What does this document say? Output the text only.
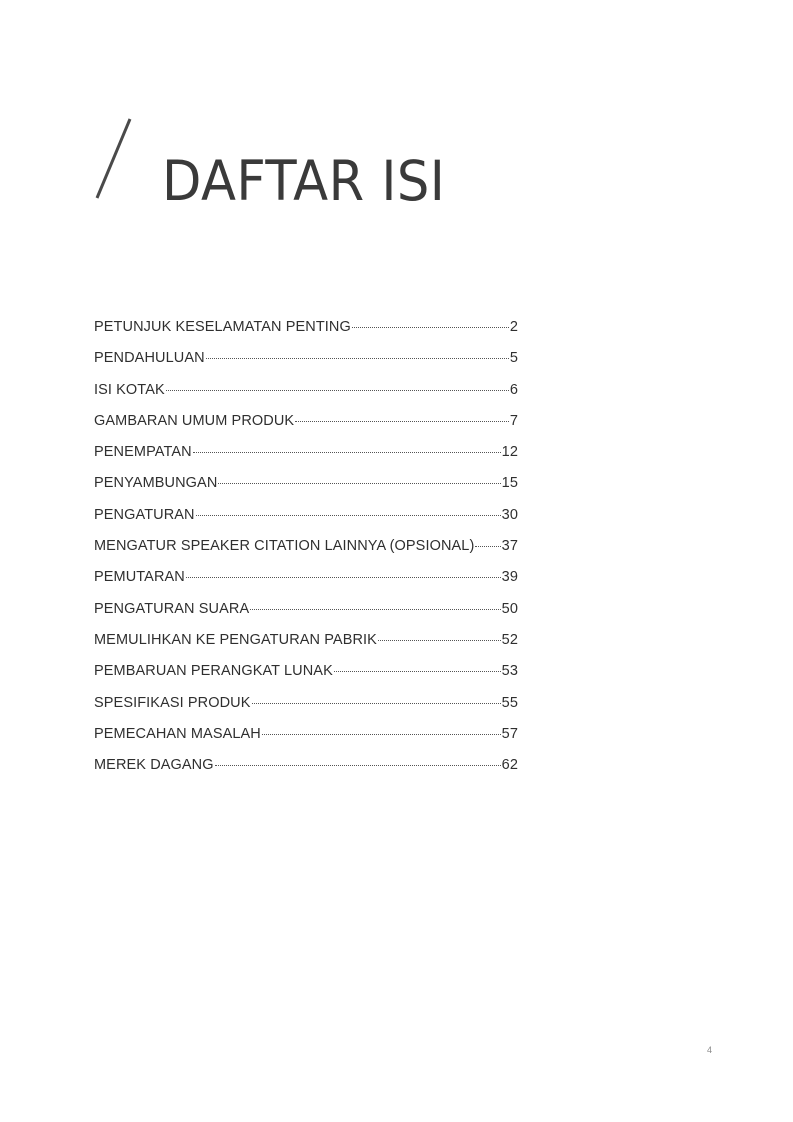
DAFTAR ISI
PETUNJUK KESELAMATAN PENTING	2
PENDAHULUAN	5
ISI KOTAK	6
GAMBARAN UMUM PRODUK	7
PENEMPATAN	12
PENYAMBUNGAN	15
PENGATURAN	30
MENGATUR SPEAKER CITATION LAINNYA (OPSIONAL) 37
PEMUTARAN	39
PENGATURAN SUARA	50
MEMULIHKAN KE PENGATURAN PABRIK	52
PEMBARUAN PERANGKAT LUNAK	53
SPESIFIKASI PRODUK	55
PEMECAHAN MASALAH	57
MEREK DAGANG	62
4
